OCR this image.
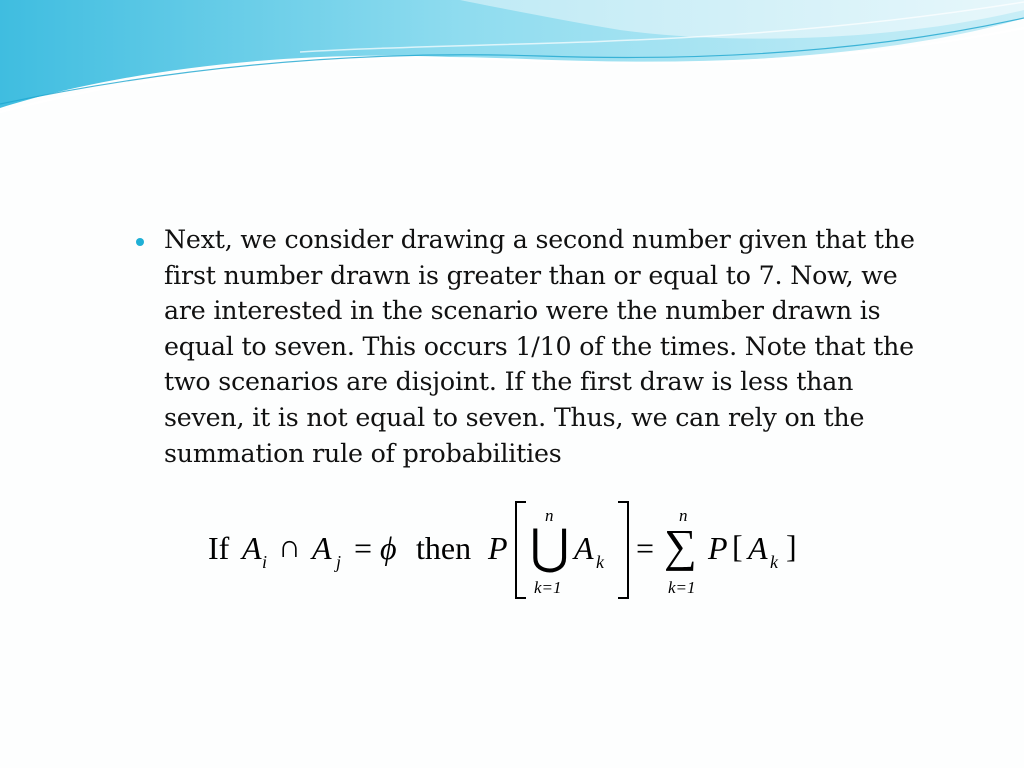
Next, we consider drawing a second number given that the first number drawn is greater than or equal to 7. Now, we are interested in the scenario were the number drawn is equal to seven. This occurs 1/10 of the times. Note that the two scenarios are disjoint. If the first draw is less than seven, it is not equal to seven. Thus, we can rely on the summation rule of probabilities
If A i ∩ A j = ϕ then P
n
⋃
k=1
A k =
n
∑
k=1
P [ A k ]
